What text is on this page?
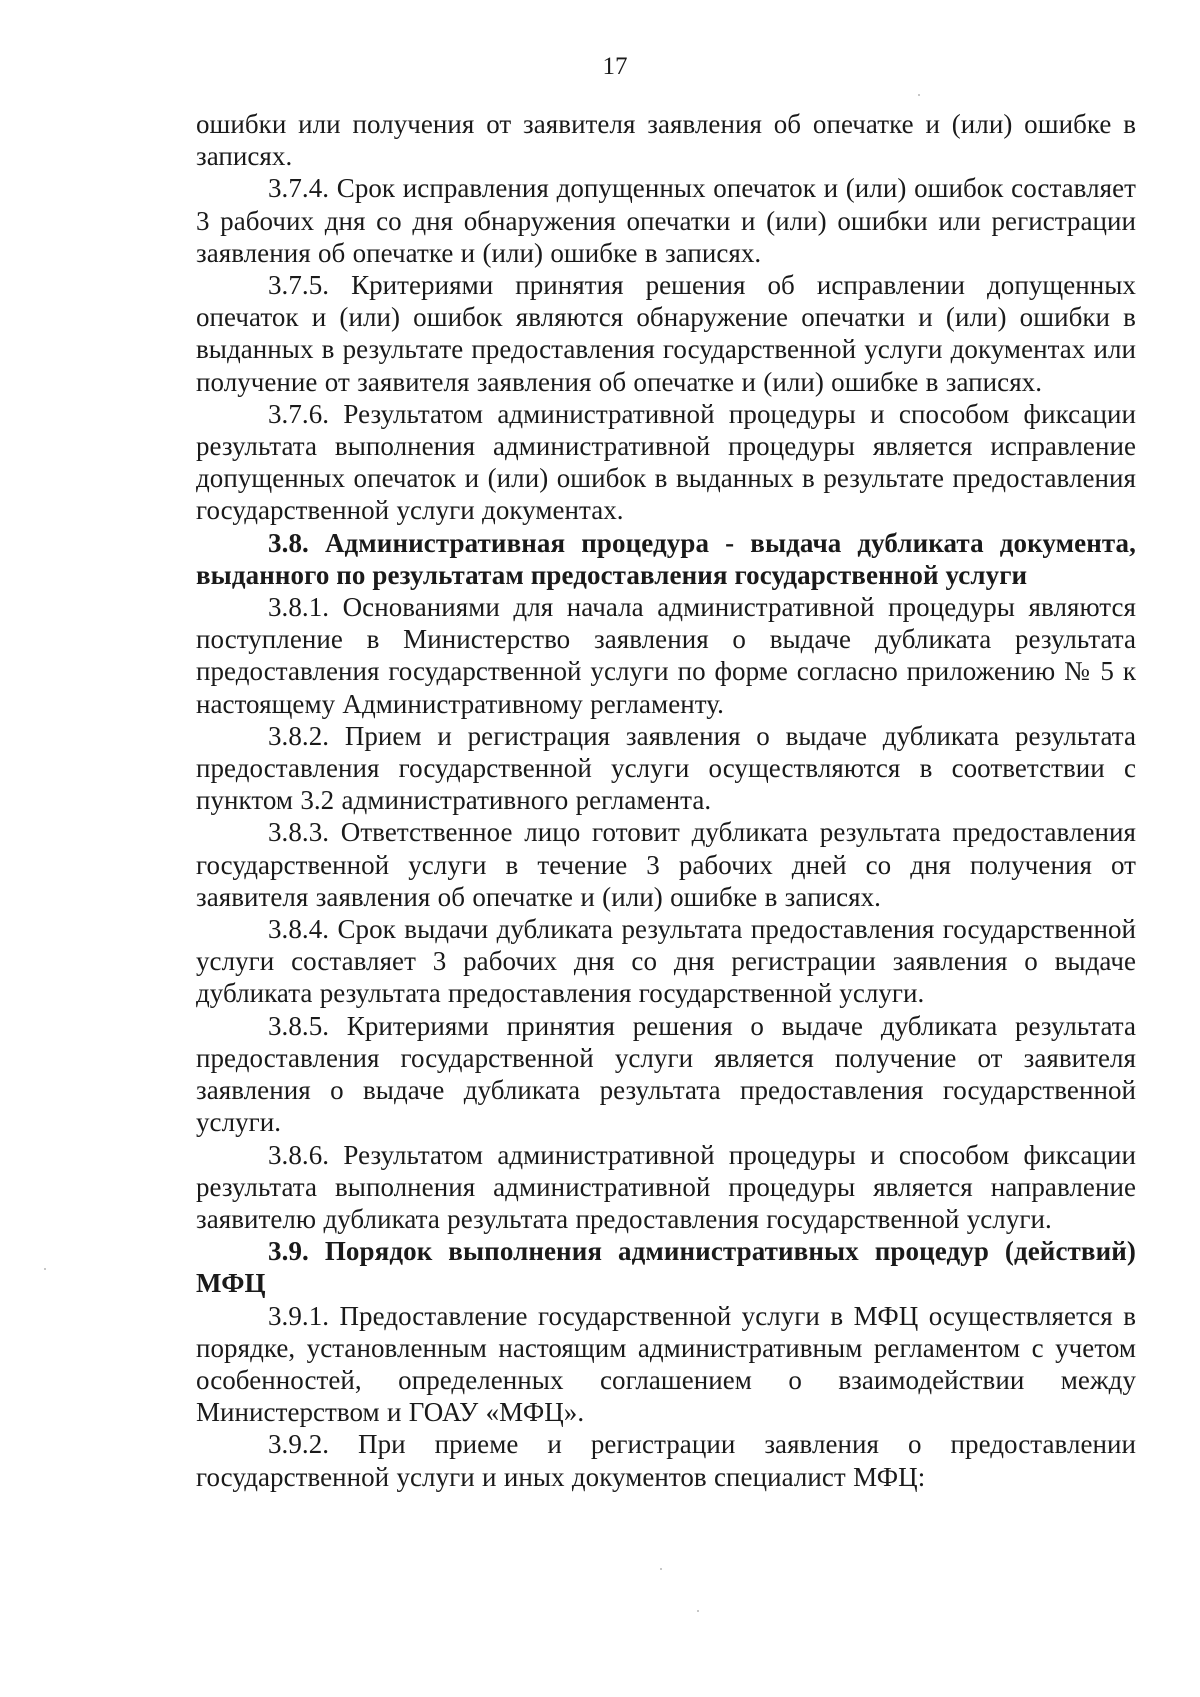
17

ошибки или получения от заявителя заявления об опечатке и (или) ошибке в записях.

3.7.4. Срок исправления допущенных опечаток и (или) ошибок составляет 3 рабочих дня со дня обнаружения опечатки и (или) ошибки или регистрации заявления об опечатке и (или) ошибке в записях.

3.7.5. Критериями принятия решения об исправлении допущенных опечаток и (или) ошибок являются обнаружение опечатки и (или) ошибки в выданных в результате предоставления государственной услуги документах или получение от заявителя заявления об опечатке и (или) ошибке в записях.

3.7.6. Результатом административной процедуры и способом фиксации результата выполнения административной процедуры является исправление допущенных опечаток и (или) ошибок в выданных в результате предоставления государственной услуги документах.

3.8. Административная процедура - выдача дубликата документа, выданного по результатам предоставления государственной услуги

3.8.1. Основаниями для начала административной процедуры являются поступление в Министерство заявления о выдаче дубликата результата предоставления государственной услуги по форме согласно приложению № 5 к настоящему Административному регламенту.

3.8.2. Прием и регистрация заявления о выдаче дубликата результата предоставления государственной услуги осуществляются в соответствии с пунктом 3.2 административного регламента.

3.8.3. Ответственное лицо готовит дубликата результата предоставления государственной услуги в течение 3 рабочих дней со дня получения от заявителя заявления об опечатке и (или) ошибке в записях.

3.8.4. Срок выдачи дубликата результата предоставления государственной услуги составляет 3 рабочих дня со дня регистрации заявления о выдаче дубликата результата предоставления государственной услуги.

3.8.5. Критериями принятия решения о выдаче дубликата результата предоставления государственной услуги является получение от заявителя заявления о выдаче дубликата результата предоставления государственной услуги.

3.8.6. Результатом административной процедуры и способом фиксации результата выполнения административной процедуры является направление заявителю дубликата результата предоставления государственной услуги.

3.9. Порядок выполнения административных процедур (действий) МФЦ

3.9.1. Предоставление государственной услуги в МФЦ осуществляется в порядке, установленным настоящим административным регламентом с учетом особенностей, определенных соглашением о взаимодействии между Министерством и ГОАУ «МФЦ».

3.9.2. При приеме и регистрации заявления о предоставлении государственной услуги и иных документов специалист МФЦ:
